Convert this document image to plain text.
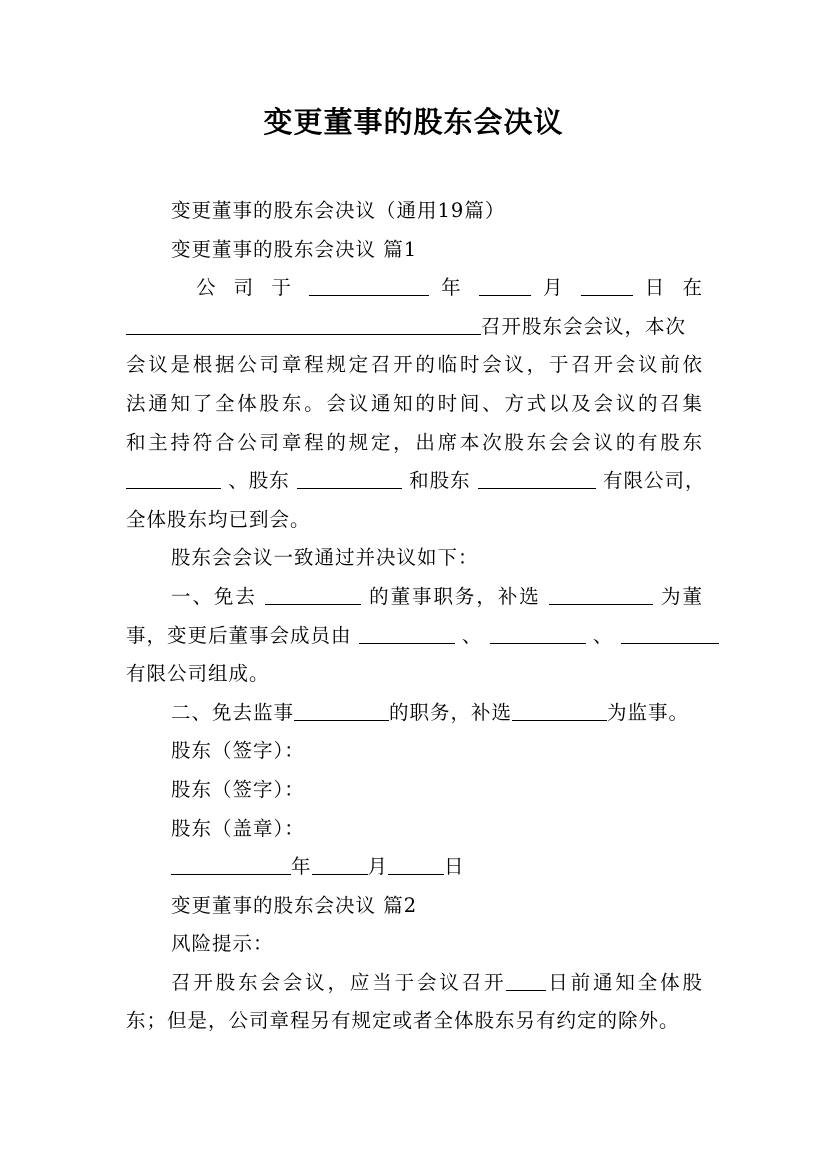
变更董事的股东会决议

变更董事的股东会决议（通用19篇）

变更董事的股东会决议 篇1

公 司 于	年	月	日 在

召开股东会会议，本次

会议是根据公司章程规定召开的临时会议，于召开会议前依

法通知了全体股东。会议通知的时间、方式以及会议的召集

和主持符合公司章程的规定，出席本次股东会会议的有股东

、股东	和股东	有限公司，

全体股东均已到会。

股东会会议一致通过并决议如下：

一、免去	的董事职务，补选	为董

事，变更后董事会成员由	、	、

有限公司组成。

二、免去监事	的职务，补选	为监事。

股东（签字）：

股东（签字）：

股东（盖章）：

年	月	日

变更董事的股东会决议 篇2

风险提示：

召开股东会会议，应当于会议召开 日前通知全体股

东；但是，公司章程另有规定或者全体股东另有约定的除外。
